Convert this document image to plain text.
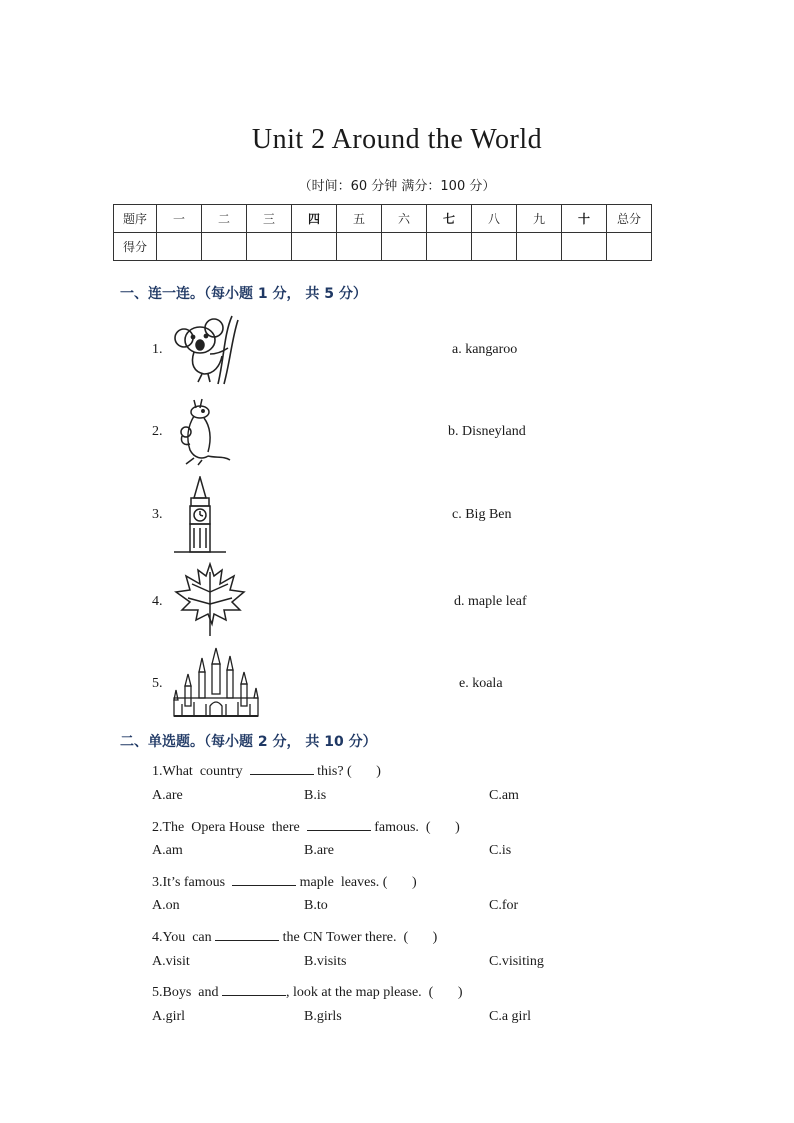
Unit 2 Around the World
（时间：60 分钟 满分：100 分）
题序	一	二	三	四	五	六	七	八	九	十	总分
得分											
一、连一连。（每小题 1 分， 共 5 分）
1.	a. kangaroo
2.	b. Disneyland
3.	c. Big Ben
4.	d. maple leaf
5.	e. koala
二、单选题。（每小题 2 分， 共 10 分）
1.What  country	this? (       )
A.are	B.is	C.am
2.The  Opera House  there	famous.  (       )
A.am	B.are	C.is
3.It’s famous	maple  leaves. (       )
A.on	B.to	C.for
4.You  can	the CN Tower there.  (       )
A.visit	B.visits	C.visiting
5.Boys  and	, look at the map please.  (       )
A.girl	B.girls	C.a girl
